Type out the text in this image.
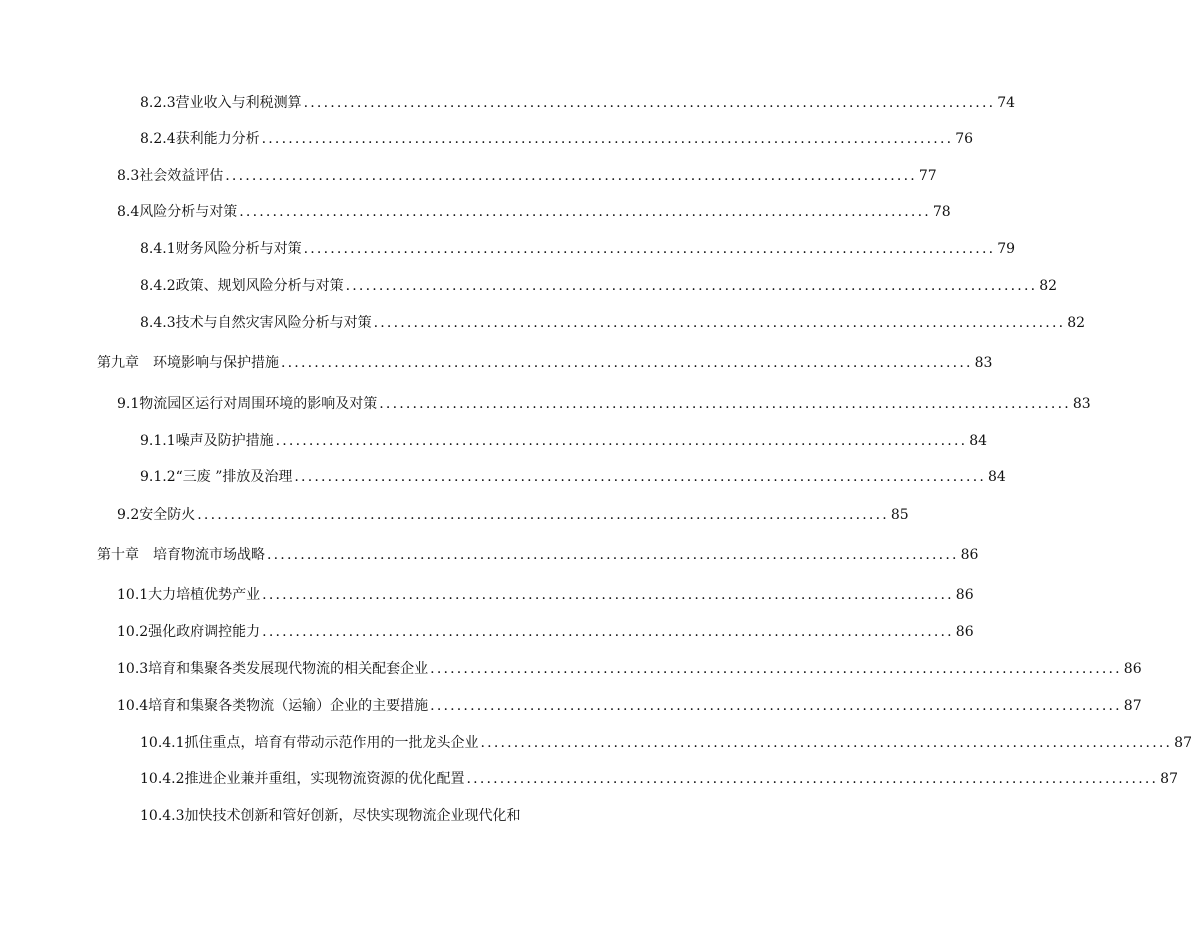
8.2.3营业收入与利税测算 ........................................................................................................ 74
8.2.4获利能力分析 ........................................................................................................ 76
8.3社会效益评估 ........................................................................................................ 77
8.4风险分析与对策 ........................................................................................................ 78
8.4.1财务风险分析与对策 ........................................................................................................ 79
8.4.2政策、规划风险分析与对策 ........................................................................................................ 82
8.4.3技术与自然灾害风险分析与对策 ........................................................................................................ 82
第九章　环境影响与保护措施 ........................................................................................................ 83
9.1物流园区运行对周围环境的影响及对策 ........................................................................................................ 83
9.1.1噪声及防护措施 ........................................................................................................ 84
9.1.2“三废 ”排放及治理 ........................................................................................................ 84
9.2安全防火 ........................................................................................................ 85
第十章　培育物流市场战略 ........................................................................................................ 86
10.1大力培植优势产业 ........................................................................................................ 86
10.2强化政府调控能力 ........................................................................................................ 86
10.3培育和集聚各类发展现代物流的相关配套企业 ........................................................................................................ 86
10.4培育和集聚各类物流（运输）企业的主要措施 ........................................................................................................ 87
10.4.1抓住重点，培育有带动示范作用的一批龙头企业 ........................................................................................................ 87
10.4.2推进企业兼并重组，实现物流资源的优化配置 ........................................................................................................ 87
10.4.3加快技术创新和管好创新，尽快实现物流企业现代化和
